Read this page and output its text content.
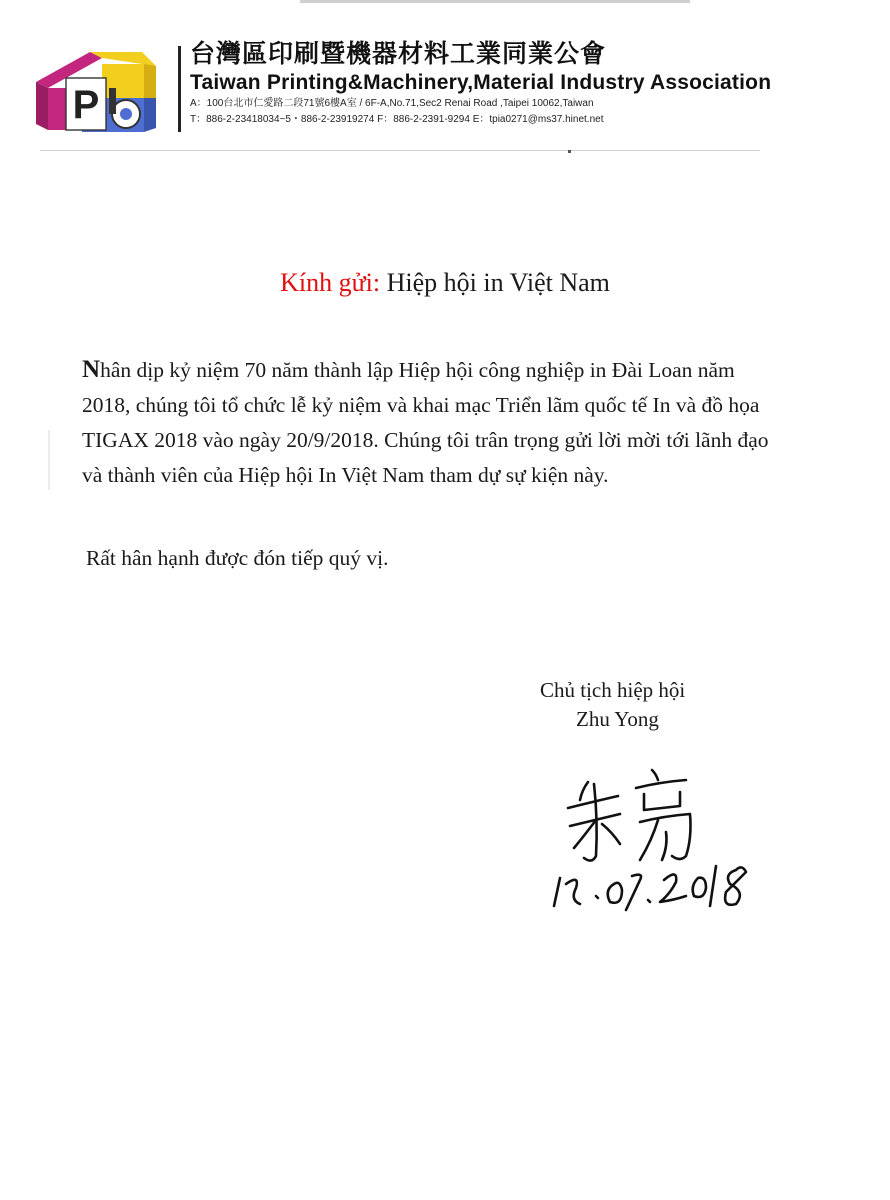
P
台灣區印刷暨機器材料工業同業公會
Taiwan Printing&Machinery,Material Industry Association
A：100台北市仁愛路二段71號6樓A室 / 6F-A,No.71,Sec2 Renai Road ,Taipei 10062,Taiwan
T：886-2-23418034~5・886-2-23919274 F：886-2-2391-9294 E：tpia0271@ms37.hinet.net
Kính gửi: Hiệp hội in Việt Nam
Nhân dịp kỷ niệm 70 năm thành lập Hiệp hội công nghiệp in Đài Loan năm 2018, chúng tôi tổ chức lễ kỷ niệm và khai mạc Triển lãm quốc tế In và đồ họa TIGAX 2018 vào ngày 20/9/2018. Chúng tôi trân trọng gửi lời mời tới lãnh đạo và thành viên của Hiệp hội In Việt Nam tham dự sự kiện này.
Rất hân hạnh được đón tiếp quý vị.
Chủ tịch hiệp hội
Zhu Yong
